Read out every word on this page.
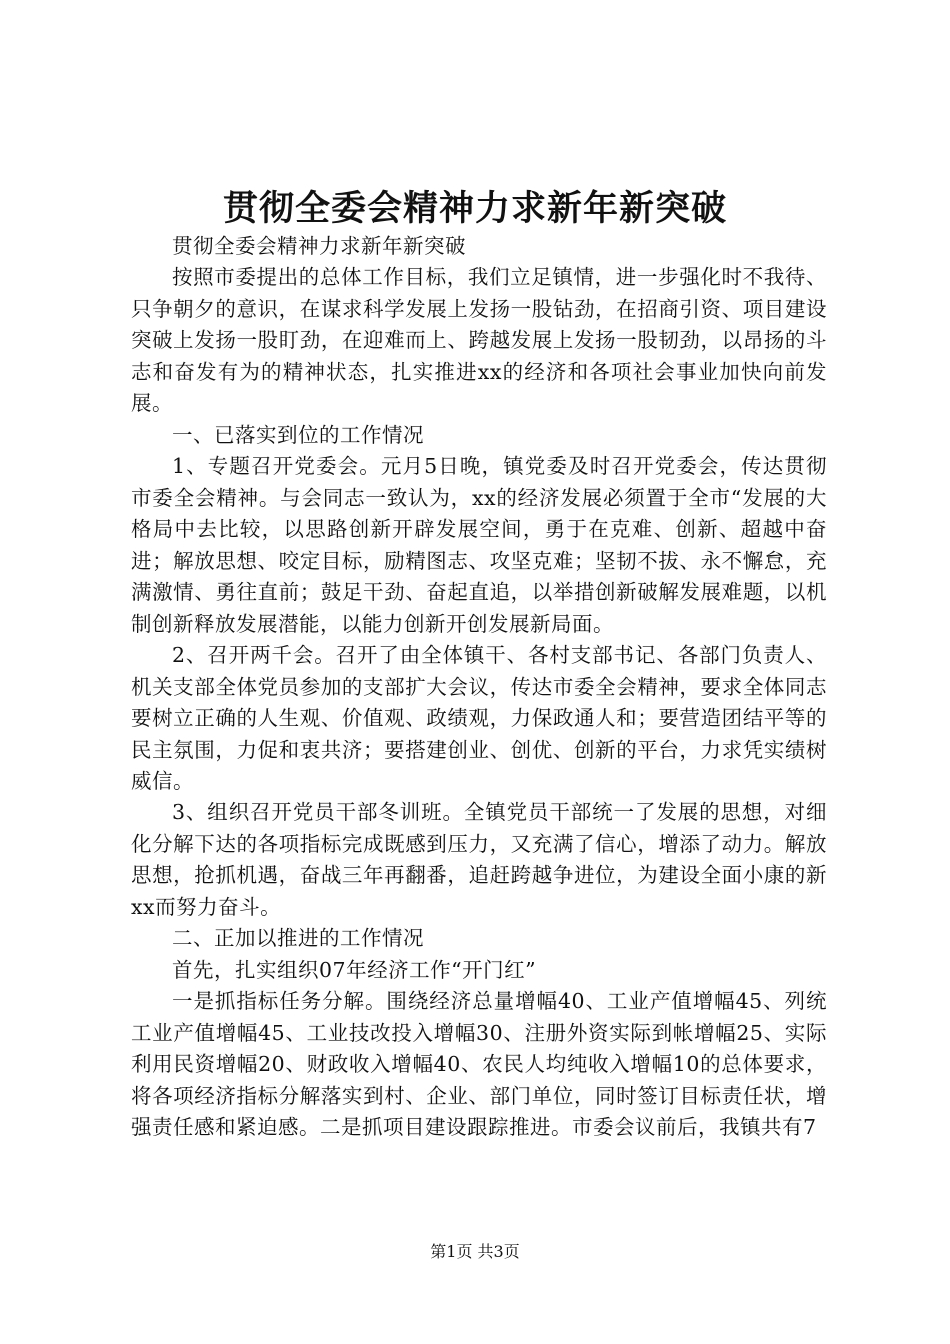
贯彻全委会精神力求新年新突破

贯彻全委会精神力求新年新突破

按照市委提出的总体工作目标，我们立足镇情，进一步强化时不我待、只争朝夕的意识，在谋求科学发展上发扬一股钻劲，在招商引资、项目建设突破上发扬一股盯劲，在迎难而上、跨越发展上发扬一股韧劲，以昂扬的斗志和奋发有为的精神状态，扎实推进xx的经济和各项社会事业加快向前发展。

一、已落实到位的工作情况

1、专题召开党委会。元月5日晚，镇党委及时召开党委会，传达贯彻市委全会精神。与会同志一致认为，xx的经济发展必须置于全市“发展的大格局中去比较，以思路创新开辟发展空间，勇于在克难、创新、超越中奋进；解放思想、咬定目标，励精图志、攻坚克难；坚韧不拔、永不懈怠，充满激情、勇往直前；鼓足干劲、奋起直追，以举措创新破解发展难题，以机制创新释放发展潜能，以能力创新开创发展新局面。

2、召开两千会。召开了由全体镇干、各村支部书记、各部门负责人、机关支部全体党员参加的支部扩大会议，传达市委全会精神，要求全体同志要树立正确的人生观、价值观、政绩观，力保政通人和；要营造团结平等的民主氛围，力促和衷共济；要搭建创业、创优、创新的平台，力求凭实绩树威信。

3、组织召开党员干部冬训班。全镇党员干部统一了发展的思想，对细化分解下达的各项指标完成既感到压力，又充满了信心，增添了动力。解放思想，抢抓机遇，奋战三年再翻番，追赶跨越争进位，为建设全面小康的新xx而努力奋斗。

二、正加以推进的工作情况

首先，扎实组织07年经济工作“开门红”

一是抓指标任务分解。围绕经济总量增幅40、工业产值增幅45、列统工业产值增幅45、工业技改投入增幅30、注册外资实际到帐增幅25、实际利用民资增幅20、财政收入增幅40、农民人均纯收入增幅10的总体要求，将各项经济指标分解落实到村、企业、部门单位，同时签订目标责任状，增强责任感和紧迫感。二是抓项目建设跟踪推进。市委会议前后，我镇共有7

第1页 共3页
